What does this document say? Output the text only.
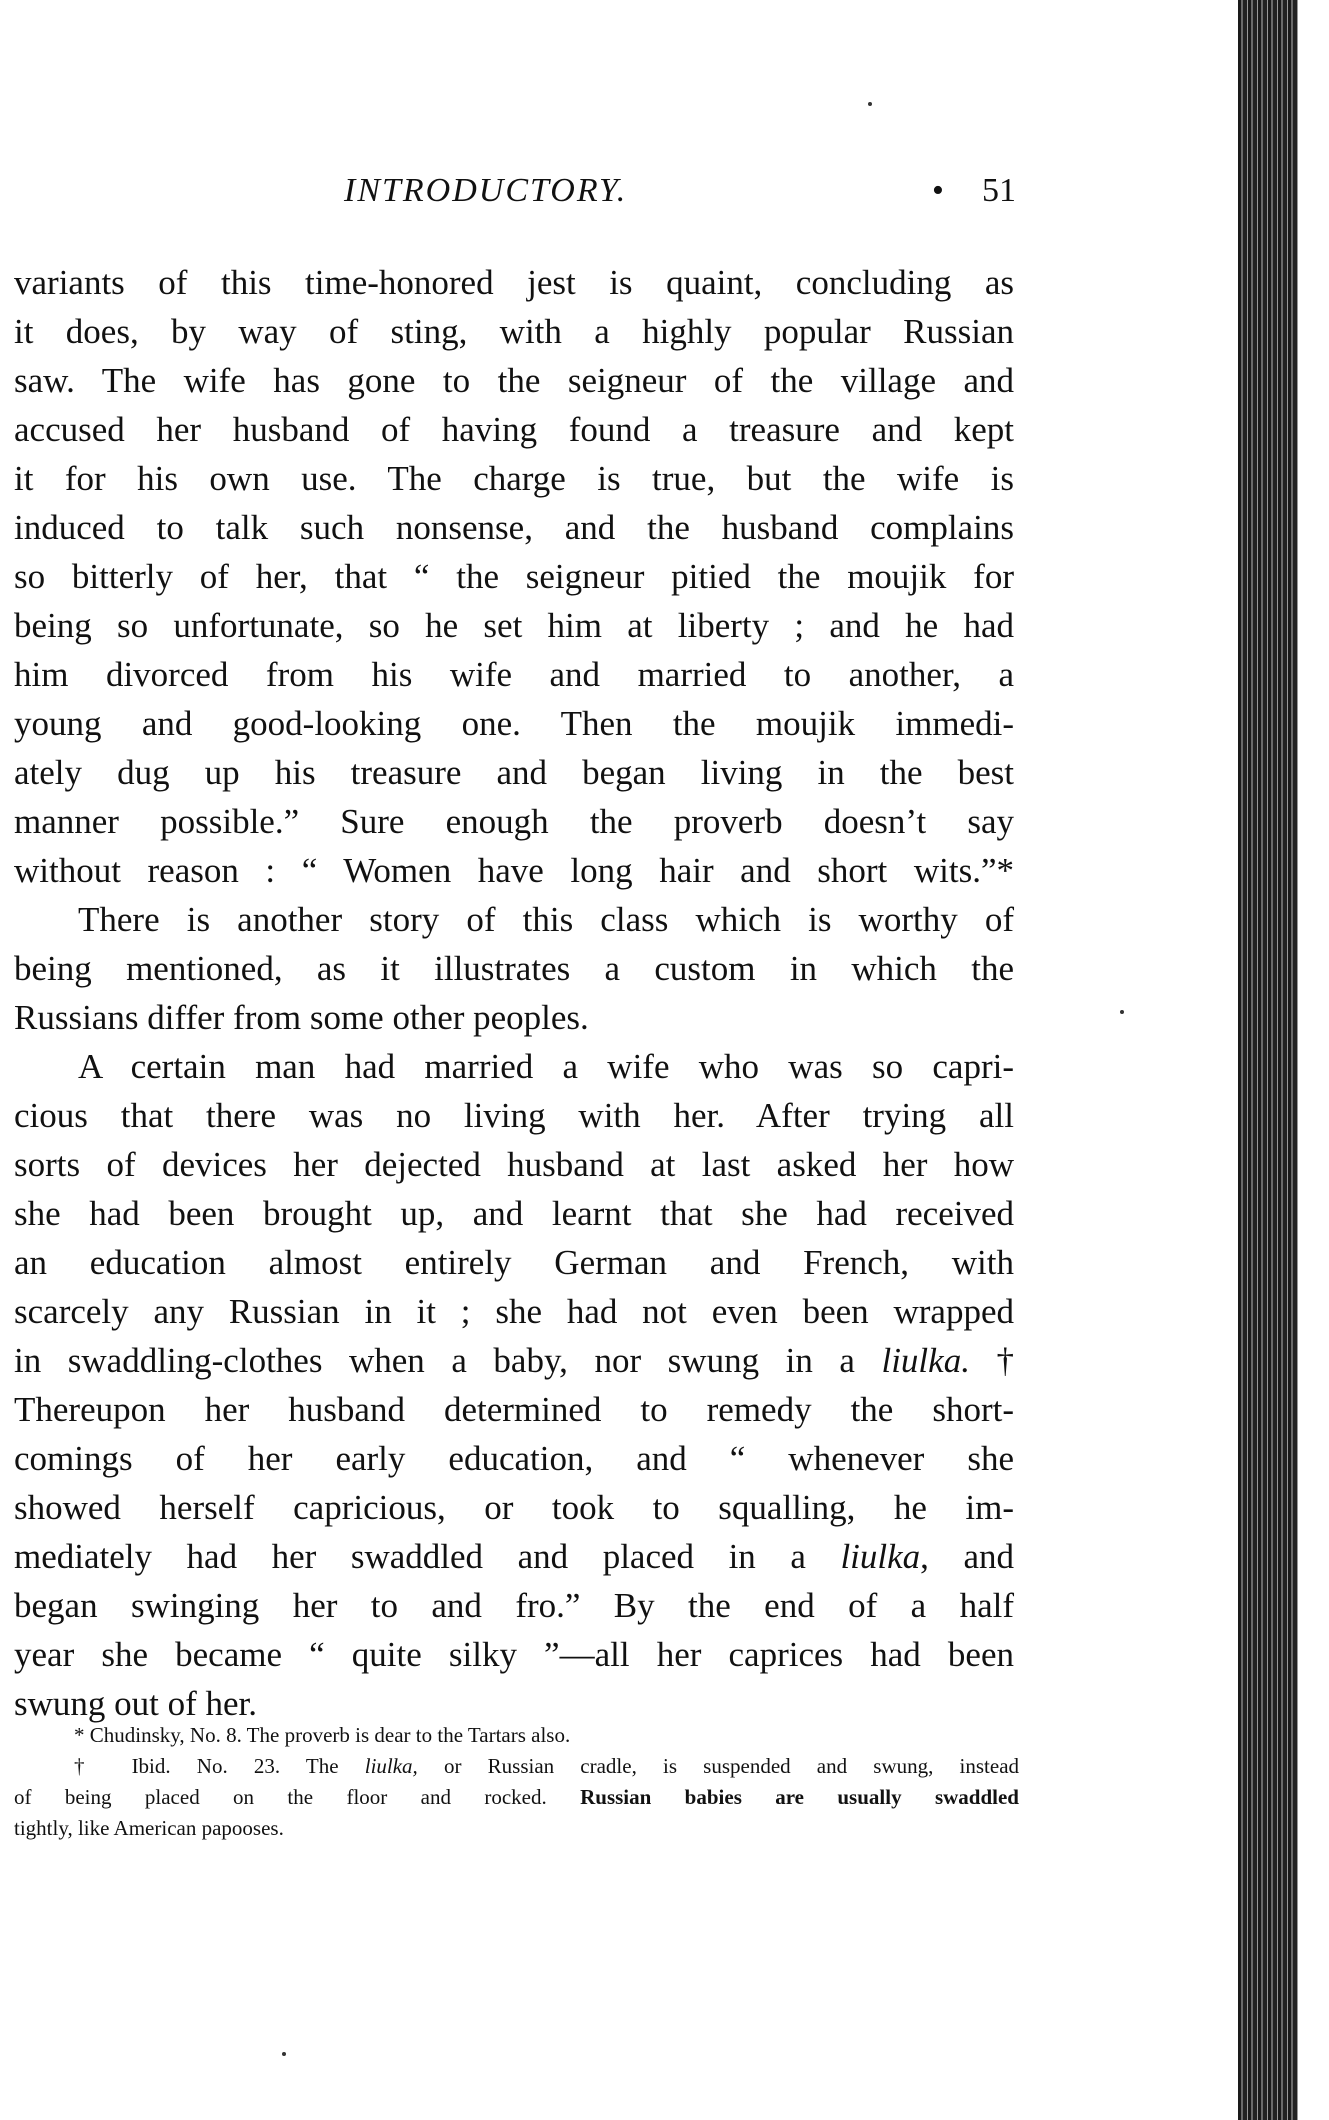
INTRODUCTORY.	• 51
variants of this time-honored jest is quaint, concluding as
it does, by way of sting, with a highly popular Russian
saw. The wife has gone to the seigneur of the village and
accused her husband of having found a treasure and kept
it for his own use. The charge is true, but the wife is
induced to talk such nonsense, and the husband complains
so bitterly of her, that “ the seigneur pitied the moujik for
being so unfortunate, so he set him at liberty ; and he had
him divorced from his wife and married to another, a
young and good-looking one. Then the moujik immedi-
ately dug up his treasure and began living in the best
manner possible.” Sure enough the proverb doesn’t say
without reason : “ Women have long hair and short wits.”*
There is another story of this class which is worthy of
being mentioned, as it illustrates a custom in which the
Russians differ from some other peoples.
A certain man had married a wife who was so capri-
cious that there was no living with her. After trying all
sorts of devices her dejected husband at last asked her how
she had been brought up, and learnt that she had received
an education almost entirely German and French, with
scarcely any Russian in it ; she had not even been wrapped
in swaddling-clothes when a baby, nor swung in a liulka. †
Thereupon her husband determined to remedy the short-
comings of her early education, and “ whenever she
showed herself capricious, or took to squalling, he im-
mediately had her swaddled and placed in a liulka, and
began swinging her to and fro.” By the end of a half
year she became “ quite silky ”—all her caprices had been
swung out of her.
* Chudinsky, No. 8. The proverb is dear to the Tartars also.
† Ibid. No. 23. The liulka, or Russian cradle, is suspended and swung, instead
of being placed on the floor and rocked. Russian babies are usually swaddled
tightly, like American papooses.
